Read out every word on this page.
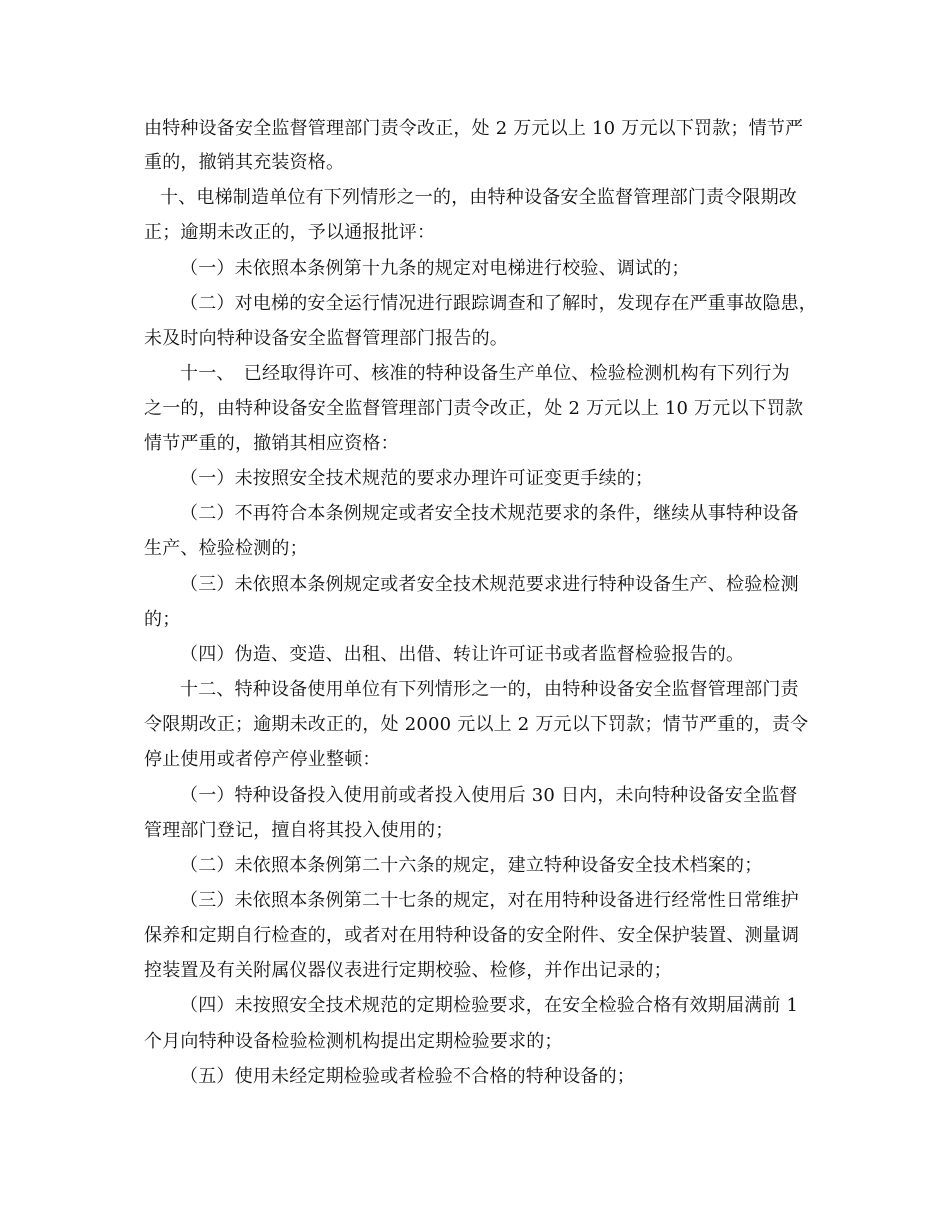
由特种设备安全监督管理部门责令改正，处 2 万元以上 10 万元以下罚款；情节严
重的，撤销其充装资格。
十、电梯制造单位有下列情形之一的，由特种设备安全监督管理部门责令限期改
正；逾期未改正的，予以通报批评：
（一）未依照本条例第十九条的规定对电梯进行校验、调试的；
（二）对电梯的安全运行情况进行跟踪调查和了解时，发现存在严重事故隐患，
未及时向特种设备安全监督管理部门报告的。
十一、　已经取得许可、核准的特种设备生产单位、检验检测机构有下列行为
之一的，由特种设备安全监督管理部门责令改正，处 2 万元以上 10 万元以下罚款
情节严重的，撤销其相应资格：
（一）未按照安全技术规范的要求办理许可证变更手续的；
（二）不再符合本条例规定或者安全技术规范要求的条件，继续从事特种设备
生产、检验检测的；
（三）未依照本条例规定或者安全技术规范要求进行特种设备生产、检验检测
的；
（四）伪造、变造、出租、出借、转让许可证书或者监督检验报告的。
十二、特种设备使用单位有下列情形之一的，由特种设备安全监督管理部门责
令限期改正；逾期未改正的，处 2000 元以上 2 万元以下罚款；情节严重的，责令
停止使用或者停产停业整顿：
（一）特种设备投入使用前或者投入使用后 30 日内，未向特种设备安全监督
管理部门登记，擅自将其投入使用的；
（二）未依照本条例第二十六条的规定，建立特种设备安全技术档案的；
（三）未依照本条例第二十七条的规定，对在用特种设备进行经常性日常维护
保养和定期自行检查的，或者对在用特种设备的安全附件、安全保护装置、测量调
控装置及有关附属仪器仪表进行定期校验、检修，并作出记录的；
（四）未按照安全技术规范的定期检验要求，在安全检验合格有效期届满前 1
个月向特种设备检验检测机构提出定期检验要求的；
（五）使用未经定期检验或者检验不合格的特种设备的；
